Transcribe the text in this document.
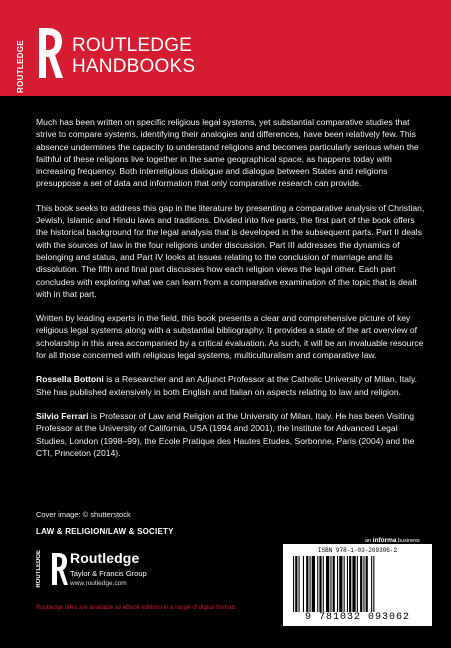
ROUTLEDGE ROUTLEDGE
HANDBOOKS

Much has been written on specific religious legal systems, yet substantial comparative studies that strive to compare systems, identifying their analogies and differences, have been relatively few. This absence undermines the capacity to understand religions and becomes particularly serious when the faithful of these religions live together in the same geographical space, as happens today with increasing frequency. Both interreligious dialogue and dialogue between States and religions presuppose a set of data and information that only comparative research can provide.

This book seeks to address this gap in the literature by presenting a comparative analysis of Christian, Jewish, Islamic and Hindu laws and traditions. Divided into five parts, the first part of the book offers the historical background for the legal analysis that is developed in the subsequent parts. Part II deals with the sources of law in the four religions under discussion. Part III addresses the dynamics of belonging and status, and Part IV looks at issues relating to the conclusion of marriage and its dissolution. The fifth and final part discusses how each religion views the legal other. Each part concludes with exploring what we can learn from a comparative examination of the topic that is dealt with in that part.

Written by leading experts in the field, this book presents a clear and comprehensive picture of key religious legal systems along with a substantial bibliography. It provides a state of the art overview of scholarship in this area accompanied by a critical evaluation. As such, it will be an invaluable resource for all those concerned with religious legal systems, multiculturalism and comparative law.

Rossella Bottoni is a Researcher and an Adjunct Professor at the Catholic University of Milan, Italy. She has published extensively in both English and Italian on aspects relating to law and religion.

Silvio Ferrari is Professor of Law and Religion at the University of Milan, Italy. He has been Visiting Professor at the University of California, USA (1994 and 2001), the Institute for Advanced Legal Studies, London (1998–99), the Ecole Pratique des Hautes Etudes, Sorbonne, Paris (2004) and the CTI, Princeton (2014).

Cover image: © shutterstock
LAW & RELIGION/LAW & SOCIETY
ROUTLEDGE Routledge
Taylor & Francis Group
www.routledge.com
an informa business
ISBN 978-1-03-209306-2
9 781032 093062
Routledge titles are available as eBook editions in a range of digital formats
